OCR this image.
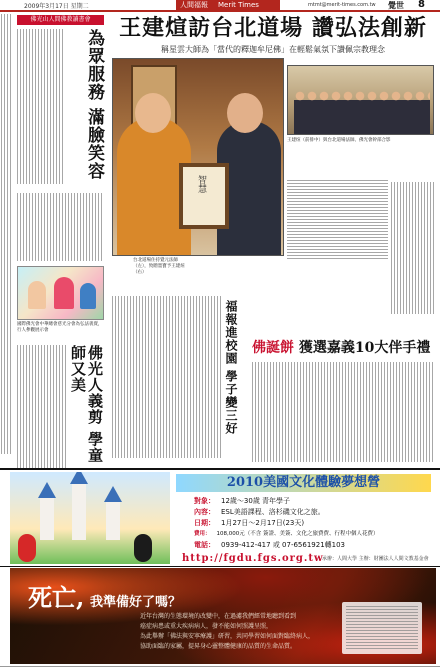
2009年3月17日 星期二	人間福報	Merit Times	mtmt@merit-times.com.tw 覺世 8
佛光山人間佛教讀書會
為眾服務 滿臉笑容
國際佛光會中華總會慈光分會為弘法義賣，行人參觀展示會
佛光人義剪 學童師又美
王建煊訪台北道場 讚弘法創新
稱星雲大師為「當代的釋迦牟尼佛」在輕鬆氣氛下讚佩宗教理念
智慧
台北道場住持覺元法師（左），致贈墨寶予王建煊（右）
王建煊（前排中）與台北道場法師、佛光會幹部合影
福報進校園 學子變三好 佛誕餅 獲選嘉義10大伴手禮
2010美國文化體驗夢想營
對象： 12歲～30歲 青年學子
內容： ESL美語課程、洛杉磯文化之旅。
日期： 1月27日～2月17日(23天)
費用： 108,000元（不含 簽證、美簽、文化之旅費費、行程中個人花費）
電話： 0939-412-417 或 07-6561921轉103
http://fgdu.fgs.org.tw
承辦：人間大學 主辦：財團法人人間文教基金會
死亡, 我準備好了嗎？
近年台灣的生態環境的改變中，在過濾我們經常地聽到看到
癌症病患或重大疾病病人，發不能如何照護呈照，
為此舉辦「佛法與安寧療護」研習，共同學習如何面對臨終病人，
協助面臨的家屬，提昇身心靈整體健康的品質的生命品質。
